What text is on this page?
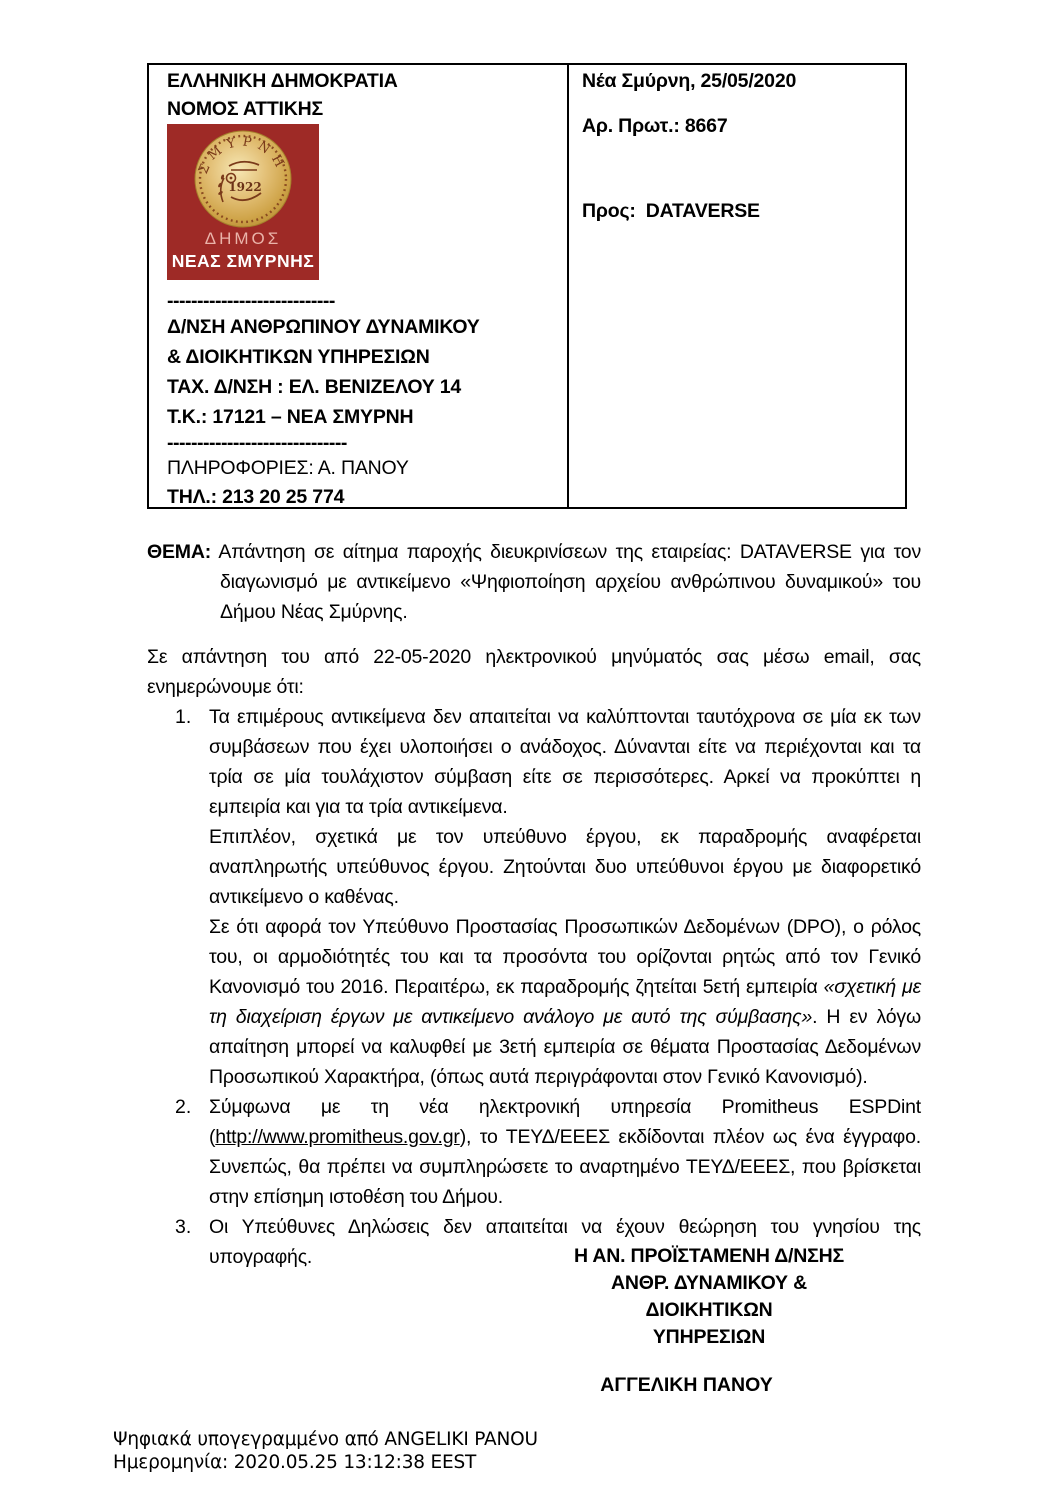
ΕΛΛΗΝΙΚΗ ΔΗΜΟΚΡΑΤΙΑ
ΝΟΜΟΣ ΑΤΤΙΚΗΣ
ΣΜΥΡΝΗ
1922
ΔΗΜΟΣ
ΝΕΑΣ ΣΜΥΡΝΗΣ
----------------------------
Δ/ΝΣΗ ΑΝΘΡΩΠΙΝΟΥ ΔΥΝΑΜΙΚΟΥ
& ΔΙΟΙΚΗΤΙΚΩΝ ΥΠΗΡΕΣΙΩΝ
ΤΑΧ. Δ/ΝΣΗ : ΕΛ. ΒΕΝΙΖΕΛΟΥ 14
Τ.Κ.: 17121 – ΝΕΑ ΣΜΥΡΝΗ
------------------------------
ΠΛΗΡΟΦΟΡΙΕΣ: Α. ΠΑΝΟΥ
ΤΗΛ.: 213 20 25 774
Νέα Σμύρνη, 25/05/2020
Αρ. Πρωτ.: 8667
Προς: DATAVERSE
ΘΕΜΑ: Απάντηση σε αίτημα παροχής διευκρινίσεων της εταιρείας: DATAVERSE για τον διαγωνισμό με αντικείμενο «Ψηφιοποίηση αρχείου ανθρώπινου δυναμικού» του Δήμου Νέας Σμύρνης.
Σε απάντηση του από 22-05-2020 ηλεκτρονικού μηνύματός σας μέσω email, σας ενημερώνουμε ότι:
1. Τα επιμέρους αντικείμενα δεν απαιτείται να καλύπτονται ταυτόχρονα σε μία εκ των συμβάσεων που έχει υλοποιήσει ο ανάδοχος. Δύνανται είτε να περιέχονται και τα τρία σε μία τουλάχιστον σύμβαση είτε σε περισσότερες. Αρκεί να προκύπτει η εμπειρία και για τα τρία αντικείμενα.

Επιπλέον, σχετικά με τον υπεύθυνο έργου, εκ παραδρομής αναφέρεται αναπληρωτής υπεύθυνος έργου. Ζητούνται δυο υπεύθυνοι έργου με διαφορετικό αντικείμενο ο καθένας.

Σε ότι αφορά τον Υπεύθυνο Προστασίας Προσωπικών Δεδομένων (DPO), ο ρόλος του, οι αρμοδιότητές του και τα προσόντα του ορίζονται ρητώς από τον Γενικό Κανονισμό του 2016. Περαιτέρω, εκ παραδρομής ζητείται 5ετή εμπειρία «σχετική με τη διαχείριση έργων με αντικείμενο ανάλογο με αυτό της σύμβασης». Η εν λόγω απαίτηση μπορεί να καλυφθεί με 3ετή εμπειρία σε θέματα Προστασίας Δεδομένων Προσωπικού Χαρακτήρα, (όπως αυτά περιγράφονται στον Γενικό Κανονισμό).

2. Σύμφωνα με τη νέα ηλεκτρονική υπηρεσία Promitheus ESPDint (http://www.promitheus.gov.gr), το ΤΕΥΔ/ΕΕΕΣ εκδίδονται πλέον ως ένα έγγραφο. Συνεπώς, θα πρέπει να συμπληρώσετε το αναρτημένο ΤΕΥΔ/ΕΕΕΣ, που βρίσκεται στην επίσημη ιστοθέση του Δήμου.

3. Οι Υπεύθυνες Δηλώσεις δεν απαιτείται να έχουν θεώρηση του γνησίου της υπογραφής.	Η ΑΝ. ΠΡΟΪΣΤΑΜΕΝΗ Δ/ΝΣΗΣ
ΑΝΘΡ. ΔΥΝΑΜΙΚΟΥ & ΔΙΟΙΚΗΤΙΚΩΝ
ΥΠΗΡΕΣΙΩΝ
ΑΓΓΕΛΙΚΗ ΠΑΝΟΥ
Ψηφιακά υπογεγραμμένο από ANGELIKI PANOU
Ημερομηνία: 2020.05.25 13:12:38 EEST
